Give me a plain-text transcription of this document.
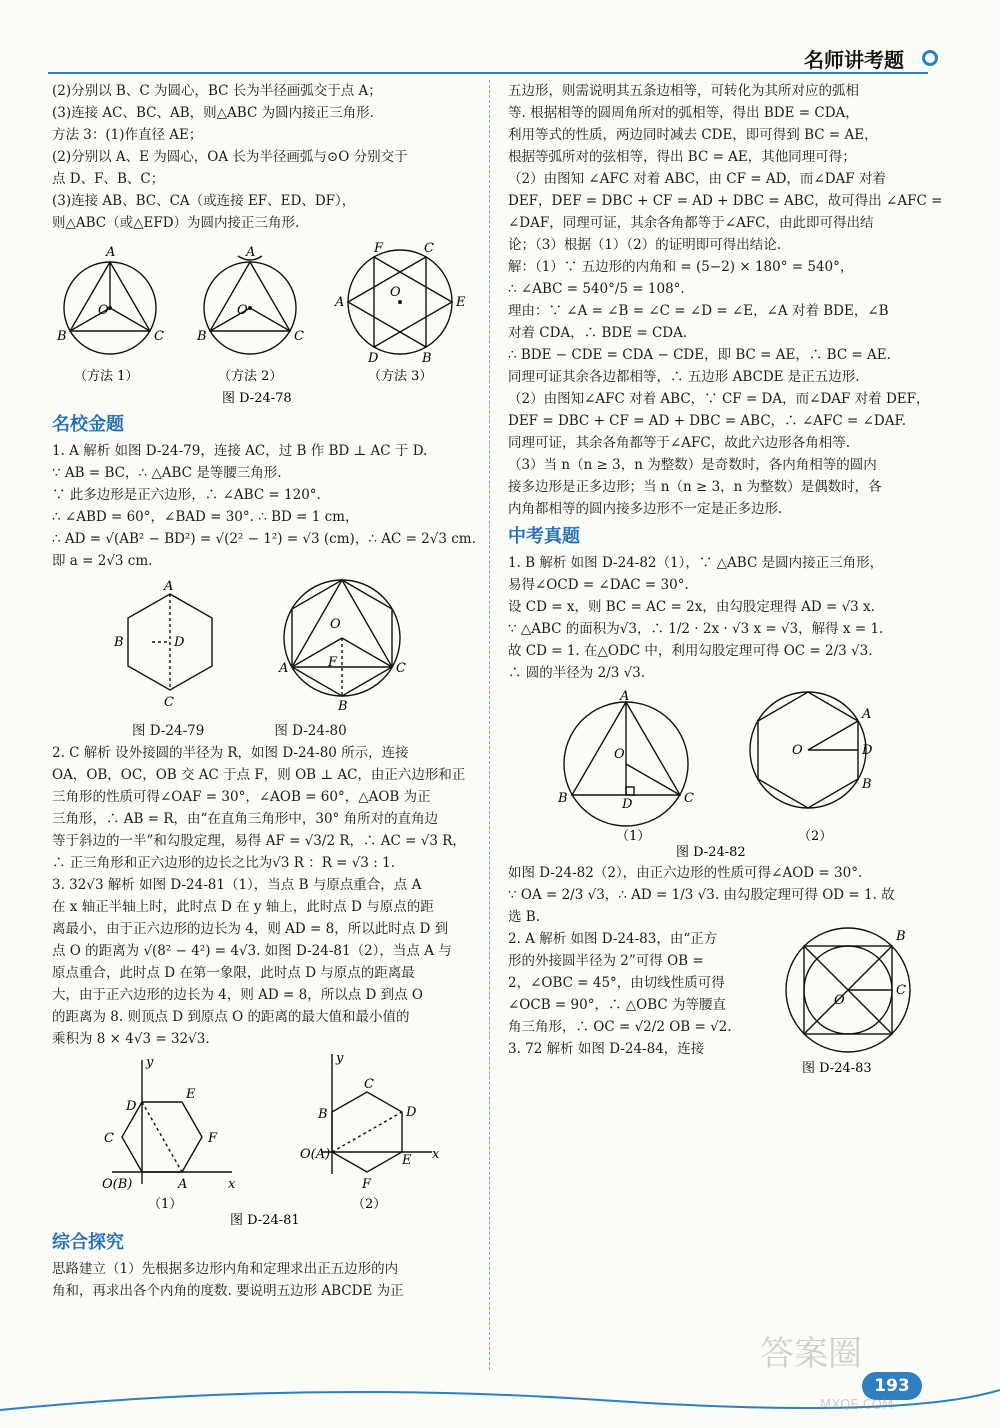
名师讲考题

(2)分别以 B、C 为圆心，BC 长为半径画弧交于点 A；

(3)连接 AC、BC、AB，则△ABC 为圆内接正三角形.

方法 3：(1)作直径 AE；

(2)分别以 A、E 为圆心，OA 长为半径画弧与⊙O 分别交于

点 D、F、B、C；

(3)连接 AB、BC、CA（或连接 EF、ED、DF），

则△ABC（或△EFD）为圆内接正三角形.

A
B	C
O
A
B	C
O
F	C
A	E
O
D	B
（方法 1）	（方法 2）	（方法 3）
图 D-24-78

名校金题

1. A 解析 如图 D-24-79，连接 AC，过 B 作 BD ⊥ AC 于 D.

∵ AB = BC，∴ △ABC 是等腰三角形.

∵ 此多边形是正六边形，∴ ∠ABC = 120°.

∴ ∠ABD = 60°，∠BAD = 30°. ∴ BD = 1 cm，

∴ AD = √(AB² − BD²) = √(2² − 1²) = √3 (cm)，∴ AC = 2√3 cm.

即 a = 2√3 cm.

A
B	D
C
O
A	C
F
B

图 D-24-79	图 D-24-80

2. C 解析 设外接圆的半径为 R，如图 D-24-80 所示，连接

OA，OB，OC，OB 交 AC 于点 F，则 OB ⊥ AC，由正六边形和正

三角形的性质可得∠OAF = 30°，∠AOB = 60°，△AOB 为正

三角形，∴ AB = R，由“在直角三角形中，30° 角所对的直角边

等于斜边的一半”和勾股定理，易得 AF = √3/2 R，∴ AC = √3 R，

∴ 正三角形和正六边形的边长之比为√3 R ：R = √3 : 1.

3. 32√3 解析 如图 D-24-81（1），当点 B 与原点重合，点 A

在 x 轴正半轴上时，此时点 D 在 y 轴上，此时点 D 与原点的距

离最小，由于正六边形的边长为 4，则 AD = 8，所以此时点 D 到

点 O 的距离为 √(8² − 4²) = 4√3. 如图 D-24-81（2），当点 A 与

原点重合，此时点 D 在第一象限，此时点 D 与原点的距离最

大，由于正六边形的边长为 4，则 AD = 8，所以点 D 到点 O

的距离为 8. 则顶点 D 到原点 O 的距离的最大值和最小值的

乘积为 8 × 4√3 = 32√3.

y
D
E
C	F
O(B)	A	x
y
C
B	D
O(A)	E x
F
（1）	（2）
图 D-24-81

综合探究

思路建立（1）先根据多边形内角和定理求出正五边形的内

角和，再求出各个内角的度数. 要说明五边形 ABCDE 为正

五边形，则需说明其五条边相等，可转化为其所对应的弧相

等. 根据相等的圆周角所对的弧相等，得出 BDE = CDA，

利用等式的性质，两边同时减去 CDE，即可得到 BC = AE，

根据等弧所对的弦相等，得出 BC = AE，其他同理可得；

（2）由图知 ∠AFC 对着 ABC，由 CF = AD，而∠DAF 对着

DEF，DEF = DBC + CF = AD + DBC = ABC，故可得出 ∠AFC =

∠DAF，同理可证，其余各角都等于∠AFC，由此即可得出结

论；（3）根据（1）（2）的证明即可得出结论.

解：（1）∵ 五边形的内角和 = (5−2) × 180° = 540°，

∴ ∠ABC = 540°/5 = 108°.

理由：∵ ∠A = ∠B = ∠C = ∠D = ∠E，∠A 对着 BDE，∠B

对着 CDA，∴ BDE = CDA.

∴ BDE − CDE = CDA − CDE，即 BC = AE，∴ BC = AE.

同理可证其余各边都相等，∴ 五边形 ABCDE 是正五边形.

（2）由图知∠AFC 对着 ABC，∵ CF = DA，而∠DAF 对着 DEF，

DEF = DBC + CF = AD + DBC = ABC，∴ ∠AFC = ∠DAF.

同理可证，其余各角都等于∠AFC，故此六边形各角相等.

（3）当 n（n ≥ 3，n 为整数）是奇数时，各内角相等的圆内

接多边形是正多边形；当 n（n ≥ 3，n 为整数）是偶数时，各

内角都相等的圆内接多边形不一定是正多边形.

中考真题

1. B 解析 如图 D-24-82（1），∵ △ABC 是圆内接正三角形，

易得∠OCD = ∠DAC = 30°.

设 CD = x，则 BC = AC = 2x，由勾股定理得 AD = √3 x.

∵ △ABC 的面积为√3，∴ 1/2 · 2x · √3 x = √3，解得 x = 1.

故 CD = 1. 在△ODC 中，利用勾股定理可得 OC = 2/3 √3.

∴ 圆的半径为 2/3 √3.

A
O
B	C
D
A
O	D
B
（1）	（2）
图 D-24-82

如图 D-24-82（2），由正六边形的性质可得∠AOD = 30°.

∵ OA = 2/3 √3，∴ AD = 1/3 √3. 由勾股定理可得 OD = 1. 故

选 B.

2. A 解析 如图 D-24-83，由“正方

形的外接圆半径为 2”可得 OB =

2，∠OBC = 45°，由切线性质可得

∠OCB = 90°，∴ △OBC 为等腰直

角三角形，∴ OC = √2/2 OB = √2.

3. 72 解析 如图 D-24-84，连接

B
C
O
图 D-24-83
193
答案圈
MXQE.COM
